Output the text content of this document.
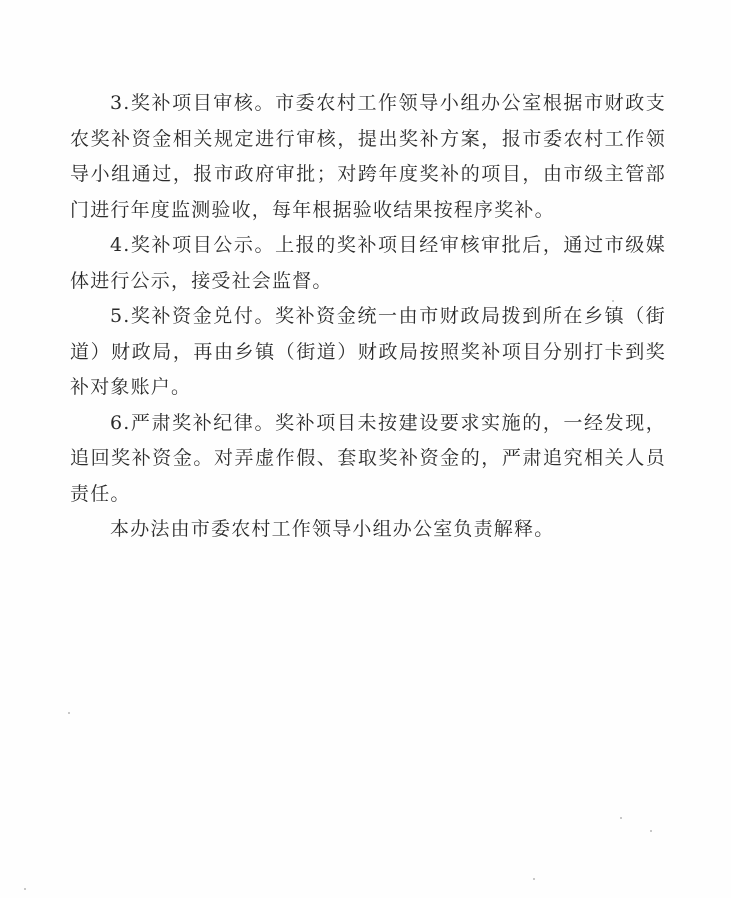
3.奖补项目审核。市委农村工作领导小组办公室根据市财政支农奖补资金相关规定进行审核，提出奖补方案，报市委农村工作领导小组通过，报市政府审批；对跨年度奖补的项目，由市级主管部门进行年度监测验收，每年根据验收结果按程序奖补。

4.奖补项目公示。上报的奖补项目经审核审批后，通过市级媒体进行公示，接受社会监督。

5.奖补资金兑付。奖补资金统一由市财政局拨到所在乡镇（街道）财政局，再由乡镇（街道）财政局按照奖补项目分别打卡到奖补对象账户。

6.严肃奖补纪律。奖补项目未按建设要求实施的，一经发现，追回奖补资金。对弄虚作假、套取奖补资金的，严肃追究相关人员责任。

本办法由市委农村工作领导小组办公室负责解释。
